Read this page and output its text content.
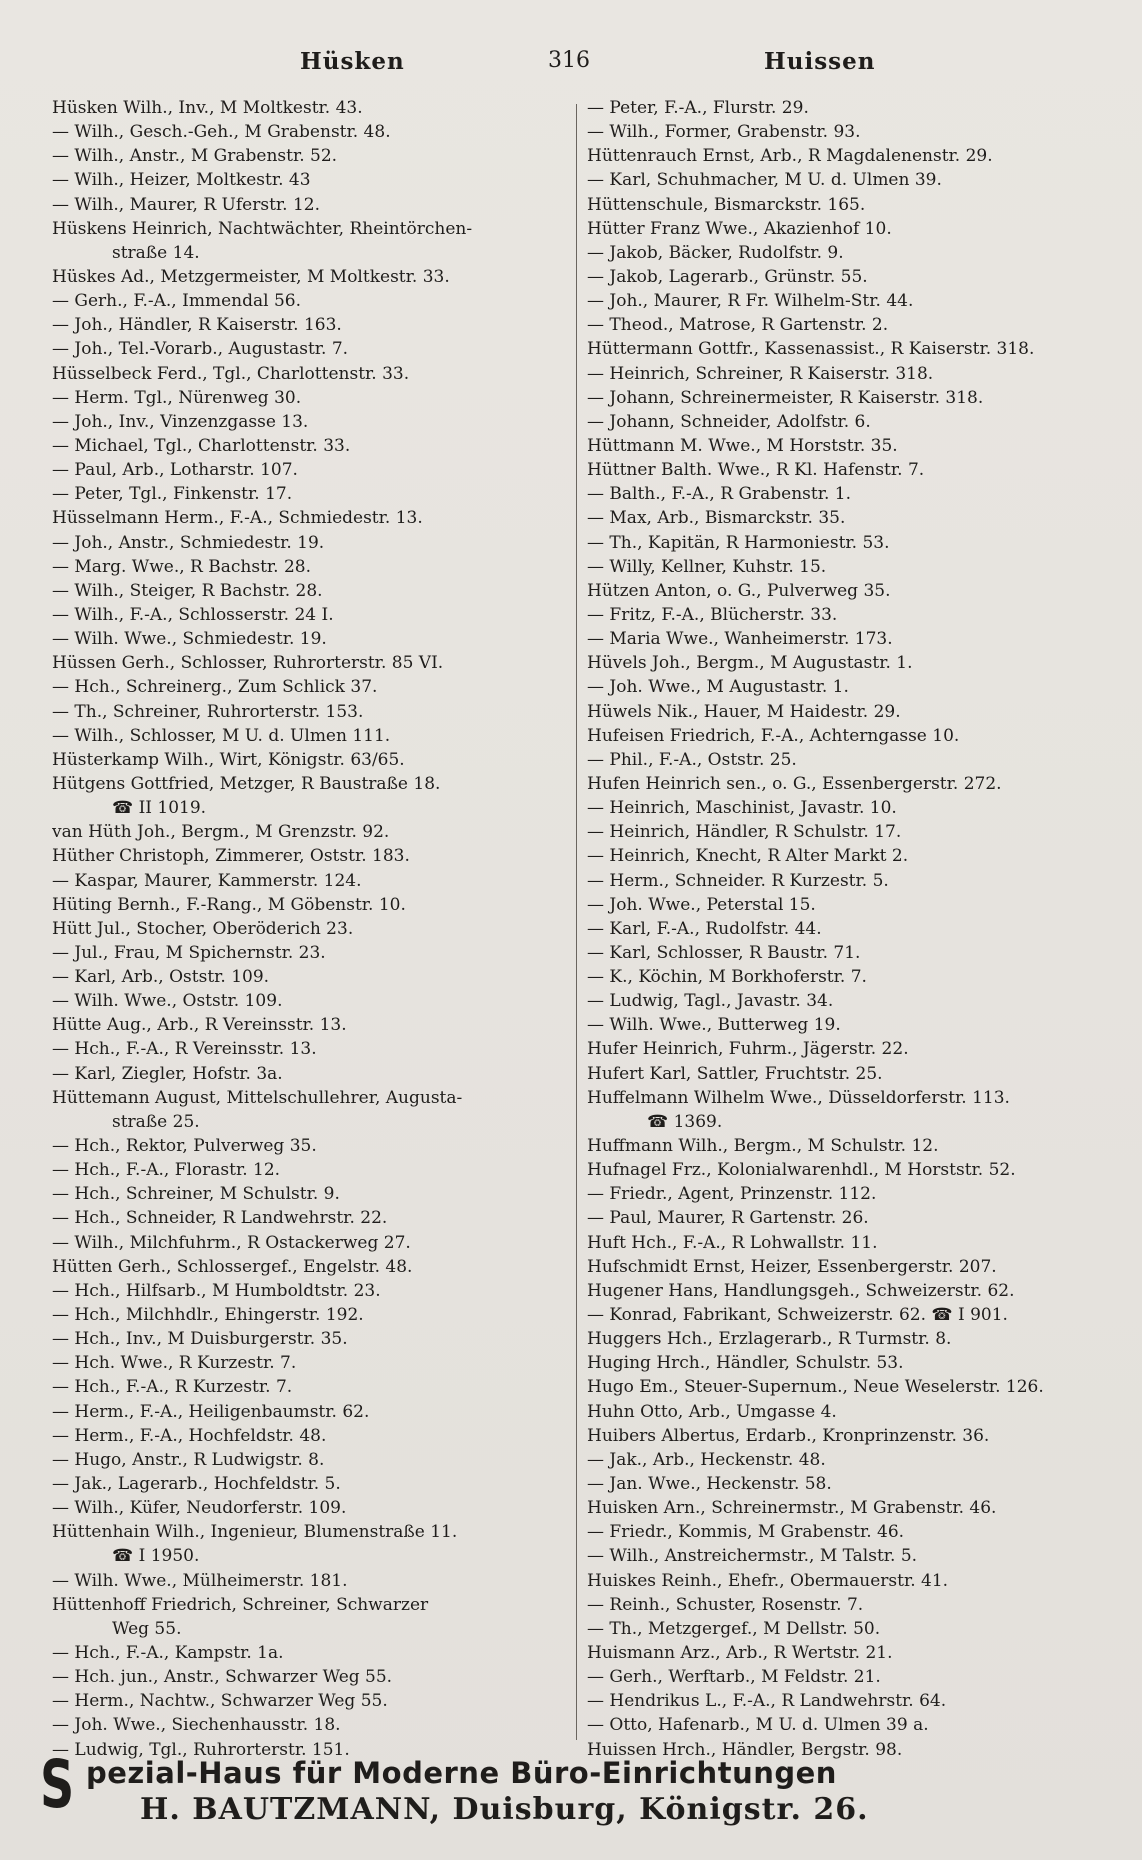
Hüsken	316	Huissen
Hüsken Wilh., Inv., M Moltkestr. 43.
— Wilh., Gesch.-Geh., M Grabenstr. 48.
— Wilh., Anstr., M Grabenstr. 52.
— Wilh., Heizer, Moltkestr. 43
— Wilh., Maurer, R Uferstr. 12.
Hüskens Heinrich, Nachtwächter, Rheintörchen-
straße 14.
Hüskes Ad., Metzgermeister, M Moltkestr. 33.
— Gerh., F.-A., Immendal 56.
— Joh., Händler, R Kaiserstr. 163.
— Joh., Tel.-Vorarb., Augustastr. 7.
Hüsselbeck Ferd., Tgl., Charlottenstr. 33.
— Herm. Tgl., Nürenweg 30.
— Joh., Inv., Vinzenzgasse 13.
— Michael, Tgl., Charlottenstr. 33.
— Paul, Arb., Lotharstr. 107.
— Peter, Tgl., Finkenstr. 17.
Hüsselmann Herm., F.-A., Schmiedestr. 13.
— Joh., Anstr., Schmiedestr. 19.
— Marg. Wwe., R Bachstr. 28.
— Wilh., Steiger, R Bachstr. 28.
— Wilh., F.-A., Schlosserstr. 24 I.
— Wilh. Wwe., Schmiedestr. 19.
Hüssen Gerh., Schlosser, Ruhrorterstr. 85 VI.
— Hch., Schreinerg., Zum Schlick 37.
— Th., Schreiner, Ruhrorterstr. 153.
— Wilh., Schlosser, M U. d. Ulmen 111.
Hüsterkamp Wilh., Wirt, Königstr. 63/65.
Hütgens Gottfried, Metzger, R Baustraße 18.
☎ II 1019.
van Hüth Joh., Bergm., M Grenzstr. 92.
Hüther Christoph, Zimmerer, Oststr. 183.
— Kaspar, Maurer, Kammerstr. 124.
Hüting Bernh., F.-Rang., M Göbenstr. 10.
Hütt Jul., Stocher, Oberöderich 23.
— Jul., Frau, M Spichernstr. 23.
— Karl, Arb., Oststr. 109.
— Wilh. Wwe., Oststr. 109.
Hütte Aug., Arb., R Vereinsstr. 13.
— Hch., F.-A., R Vereinsstr. 13.
— Karl, Ziegler, Hofstr. 3a.
Hüttemann August, Mittelschullehrer, Augusta-
straße 25.
— Hch., Rektor, Pulverweg 35.
— Hch., F.-A., Florastr. 12.
— Hch., Schreiner, M Schulstr. 9.
— Hch., Schneider, R Landwehrstr. 22.
— Wilh., Milchfuhrm., R Ostackerweg 27.
Hütten Gerh., Schlossergef., Engelstr. 48.
— Hch., Hilfsarb., M Humboldtstr. 23.
— Hch., Milchhdlr., Ehingerstr. 192.
— Hch., Inv., M Duisburgerstr. 35.
— Hch. Wwe., R Kurzestr. 7.
— Hch., F.-A., R Kurzestr. 7.
— Herm., F.-A., Heiligenbaumstr. 62.
— Herm., F.-A., Hochfeldstr. 48.
— Hugo, Anstr., R Ludwigstr. 8.
— Jak., Lagerarb., Hochfeldstr. 5.
— Wilh., Küfer, Neudorferstr. 109.
Hüttenhain Wilh., Ingenieur, Blumenstraße 11.
☎ I 1950.
— Wilh. Wwe., Mülheimerstr. 181.
Hüttenhoff Friedrich, Schreiner, Schwarzer
Weg 55.
— Hch., F.-A., Kampstr. 1a.
— Hch. jun., Anstr., Schwarzer Weg 55.
— Herm., Nachtw., Schwarzer Weg 55.
— Joh. Wwe., Siechenhausstr. 18.
— Ludwig, Tgl., Ruhrorterstr. 151.
— Peter, F.-A., Flurstr. 29.
— Wilh., Former, Grabenstr. 93.
Hüttenrauch Ernst, Arb., R Magdalenenstr. 29.
— Karl, Schuhmacher, M U. d. Ulmen 39.
Hüttenschule, Bismarckstr. 165.
Hütter Franz Wwe., Akazienhof 10.
— Jakob, Bäcker, Rudolfstr. 9.
— Jakob, Lagerarb., Grünstr. 55.
— Joh., Maurer, R Fr. Wilhelm-Str. 44.
— Theod., Matrose, R Gartenstr. 2.
Hüttermann Gottfr., Kassenassist., R Kaiserstr. 318.
— Heinrich, Schreiner, R Kaiserstr. 318.
— Johann, Schreinermeister, R Kaiserstr. 318.
— Johann, Schneider, Adolfstr. 6.
Hüttmann M. Wwe., M Horststr. 35.
Hüttner Balth. Wwe., R Kl. Hafenstr. 7.
— Balth., F.-A., R Grabenstr. 1.
— Max, Arb., Bismarckstr. 35.
— Th., Kapitän, R Harmoniestr. 53.
— Willy, Kellner, Kuhstr. 15.
Hützen Anton, o. G., Pulverweg 35.
— Fritz, F.-A., Blücherstr. 33.
— Maria Wwe., Wanheimerstr. 173.
Hüvels Joh., Bergm., M Augustastr. 1.
— Joh. Wwe., M Augustastr. 1.
Hüwels Nik., Hauer, M Haidestr. 29.
Hufeisen Friedrich, F.-A., Achterngasse 10.
— Phil., F.-A., Oststr. 25.
Hufen Heinrich sen., o. G., Essenbergerstr. 272.
— Heinrich, Maschinist, Javastr. 10.
— Heinrich, Händler, R Schulstr. 17.
— Heinrich, Knecht, R Alter Markt 2.
— Herm., Schneider. R Kurzestr. 5.
— Joh. Wwe., Peterstal 15.
— Karl, F.-A., Rudolfstr. 44.
— Karl, Schlosser, R Baustr. 71.
— K., Köchin, M Borkhoferstr. 7.
— Ludwig, Tagl., Javastr. 34.
— Wilh. Wwe., Butterweg 19.
Hufer Heinrich, Fuhrm., Jägerstr. 22.
Hufert Karl, Sattler, Fruchtstr. 25.
Huffelmann Wilhelm Wwe., Düsseldorferstr. 113.
☎ 1369.
Huffmann Wilh., Bergm., M Schulstr. 12.
Hufnagel Frz., Kolonialwarenhdl., M Horststr. 52.
— Friedr., Agent, Prinzenstr. 112.
— Paul, Maurer, R Gartenstr. 26.
Huft Hch., F.-A., R Lohwallstr. 11.
Hufschmidt Ernst, Heizer, Essenbergerstr. 207.
Hugener Hans, Handlungsgeh., Schweizerstr. 62.
— Konrad, Fabrikant, Schweizerstr. 62. ☎ I 901.
Huggers Hch., Erzlagerarb., R Turmstr. 8.
Huging Hrch., Händler, Schulstr. 53.
Hugo Em., Steuer-Supernum., Neue Weselerstr. 126.
Huhn Otto, Arb., Umgasse 4.
Huibers Albertus, Erdarb., Kronprinzenstr. 36.
— Jak., Arb., Heckenstr. 48.
— Jan. Wwe., Heckenstr. 58.
Huisken Arn., Schreinermstr., M Grabenstr. 46.
— Friedr., Kommis, M Grabenstr. 46.
— Wilh., Anstreichermstr., M Talstr. 5.
Huiskes Reinh., Ehefr., Obermauerstr. 41.
— Reinh., Schuster, Rosenstr. 7.
— Th., Metzgergef., M Dellstr. 50.
Huismann Arz., Arb., R Wertstr. 21.
— Gerh., Werftarb., M Feldstr. 21.
— Hendrikus L., F.-A., R Landwehrstr. 64.
— Otto, Hafenarb., M U. d. Ulmen 39 a.
Huissen Hrch., Händler, Bergstr. 98.
S pezial-Haus für Moderne Büro-Einrichtungen
H. BAUTZMANN, Duisburg, Königstr. 26.
